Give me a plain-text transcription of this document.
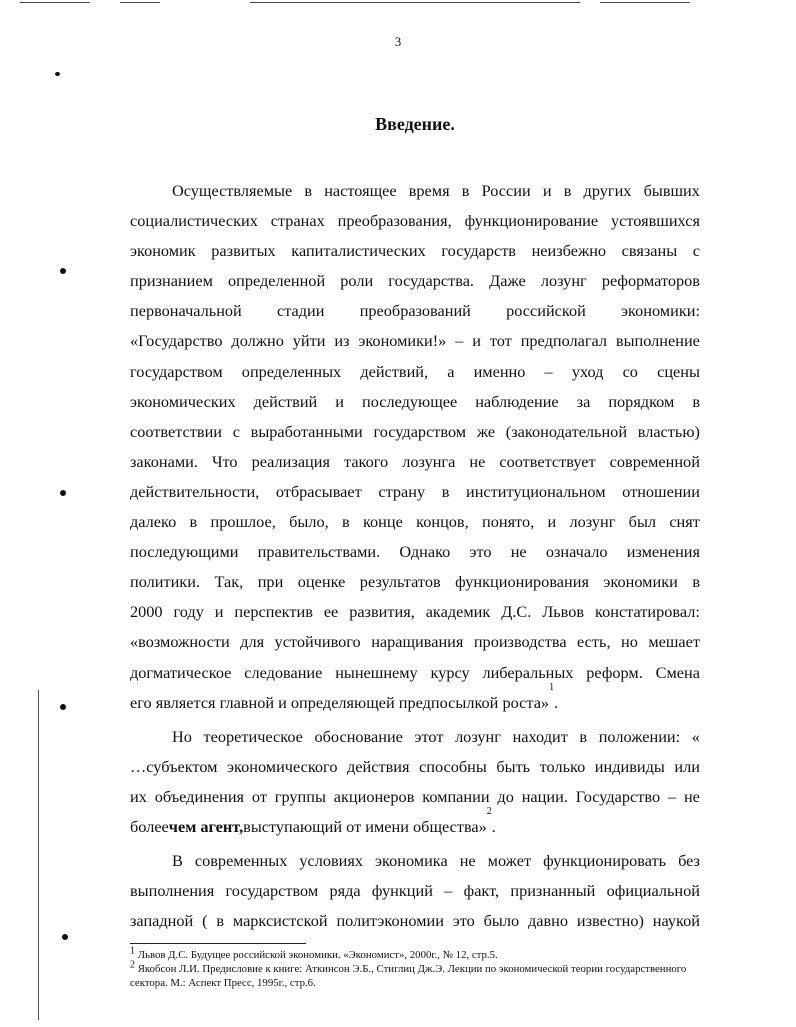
3
Введение.
Осуществляемые в настоящее время в России и в других бывших
социалистических странах преобразования, функционирование устоявшихся
экономик развитых капиталистических государств неизбежно связаны с
признанием определенной роли государства. Даже лозунг реформаторов
первоначальной стадии преобразований российской экономики:
«Государство должно уйти из экономики!» – и тот предполагал выполнение
государством определенных действий, а именно – уход со сцены
экономических действий и последующее наблюдение за порядком в
соответствии с выработанными государством же (законодательной властью)
законами. Что реализация такого лозунга не соответствует современной
действительности, отбрасывает страну в институциональном отношении
далеко в прошлое, было, в конце концов, понято, и лозунг был снят
последующими правительствами. Однако это не означало изменения
политики. Так, при оценке результатов функционирования экономики в
2000 году и перспектив ее развития, академик Д.С. Львов констатировал:
«возможности для устойчивого наращивания производства есть, но мешает
догматическое следование нынешнему курсу либеральных реформ. Смена
его является главной и определяющей предпосылкой роста»
1
.
Но теоретическое обоснование этот лозунг находит в положении: «
…субъектом экономического действия способны быть только индивиды или
их объединения от группы акционеров компании до нации. Государство – не
более чем агент, выступающий от имени общества»
2
.
В современных условиях экономика не может функционировать без
выполнения государством ряда функций – факт, признанный официальной
западной ( в марксистской политэкономии это было давно известно) наукой

$^1$ Львов Д.С. Будущее российской экономики. «Экономист», 2000г., № 12, стр.5.

$^2$ Якобсон Л.И. Предисловие к книге: Аткинсон Э.Б., Стиглиц Дж.Э. Лекции по экономической теории государственного сектора. М.: Аспект Пресс, 1995г., стр.6.
